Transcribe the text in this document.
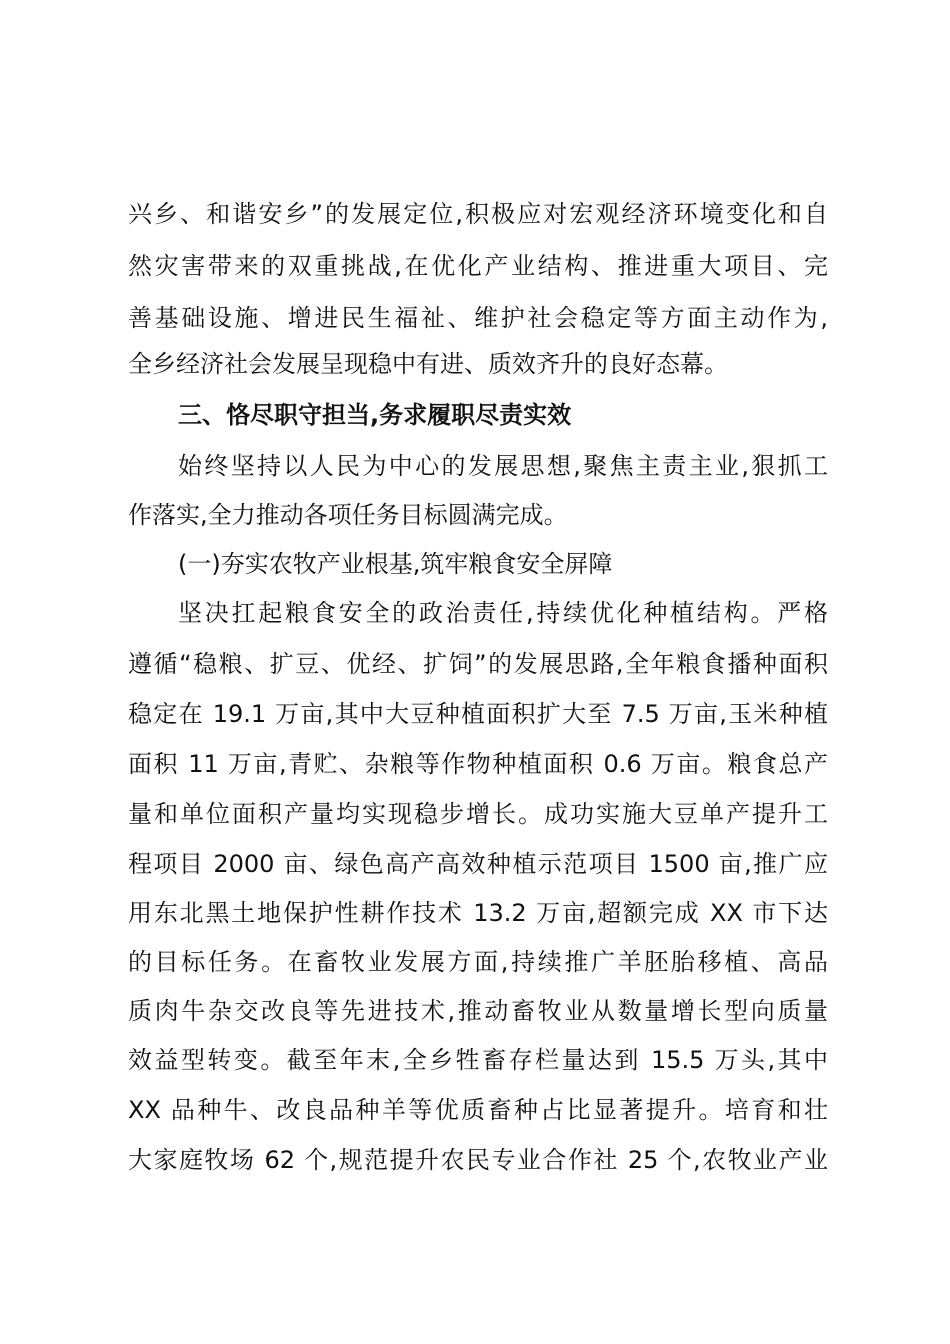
兴乡、和谐安乡”的发展定位,积极应对宏观经济环境变化和自
然灾害带来的双重挑战,在优化产业结构、推进重大项目、完
善基础设施、增进民生福祉、维护社会稳定等方面主动作为,
全乡经济社会发展呈现稳中有进、质效齐升的良好态幕。
三、恪尽职守担当,务求履职尽责实效
始终坚持以人民为中心的发展思想,聚焦主责主业,狠抓工
作落实,全力推动各项任务目标圆满完成。
(一)夯实农牧产业根基,筑牢粮食安全屏障
坚决扛起粮食安全的政治责任,持续优化种植结构。严格
遵循“稳粮、扩豆、优经、扩饲”的发展思路,全年粮食播种面积
稳定在 19.1 万亩,其中大豆种植面积扩大至 7.5 万亩,玉米种植
面积 11 万亩,青贮、杂粮等作物种植面积 0.6 万亩。粮食总产
量和单位面积产量均实现稳步增长。成功实施大豆单产提升工
程项目 2000 亩、绿色高产高效种植示范项目 1500 亩,推广应
用东北黑土地保护性耕作技术 13.2 万亩,超额完成 XX 市下达
的目标任务。在畜牧业发展方面,持续推广羊胚胎移植、高品
质肉牛杂交改良等先进技术,推动畜牧业从数量增长型向质量
效益型转变。截至年末,全乡牲畜存栏量达到 15.5 万头,其中
XX 品种牛、改良品种羊等优质畜种占比显著提升。培育和壮
大家庭牧场 62 个,规范提升农民专业合作社 25 个,农牧业产业
